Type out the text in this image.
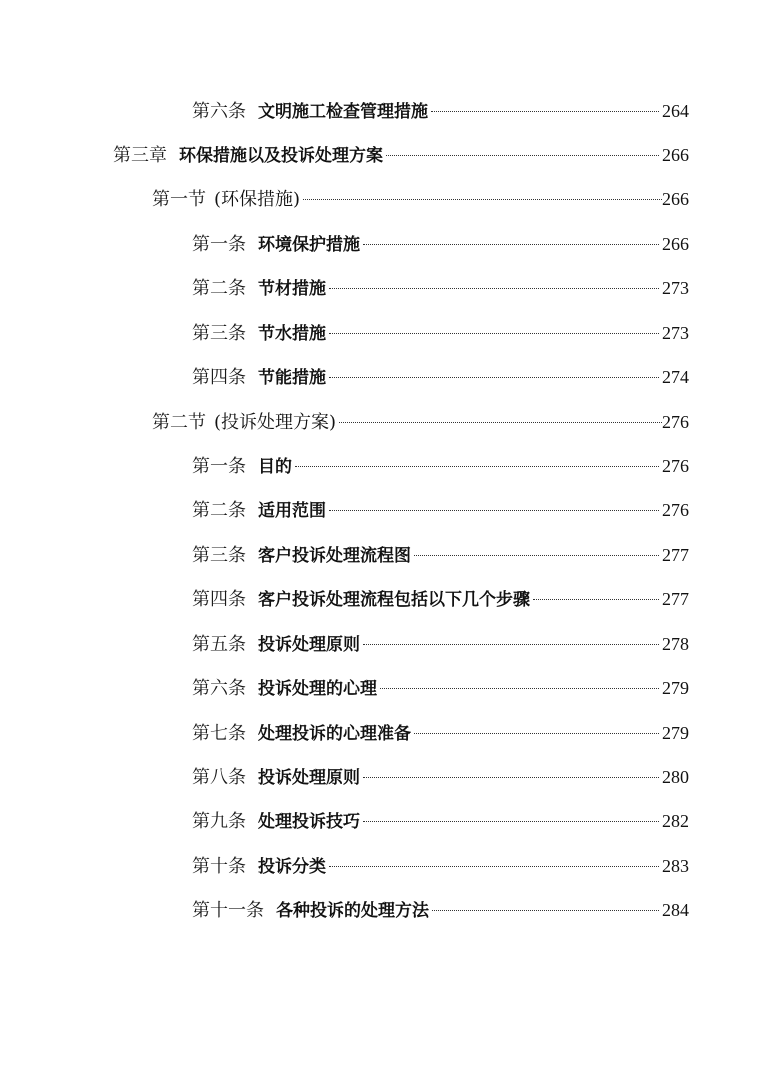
第六条 文明施工检查管理措施	264
第三章 环保措施以及投诉处理方案	266
第一节 (环保措施)	266
第一条 环境保护措施	266
第二条 节材措施	273
第三条 节水措施	273
第四条 节能措施	274
第二节 (投诉处理方案)	276
第一条 目的	276
第二条 适用范围	276
第三条 客户投诉处理流程图	277
第四条 客户投诉处理流程包括以下几个步骤	277
第五条 投诉处理原则	278
第六条 投诉处理的心理	279
第七条 处理投诉的心理准备	279
第八条 投诉处理原则	280
第九条 处理投诉技巧	282
第十条 投诉分类	283
第十一条 各种投诉的处理方法	284
